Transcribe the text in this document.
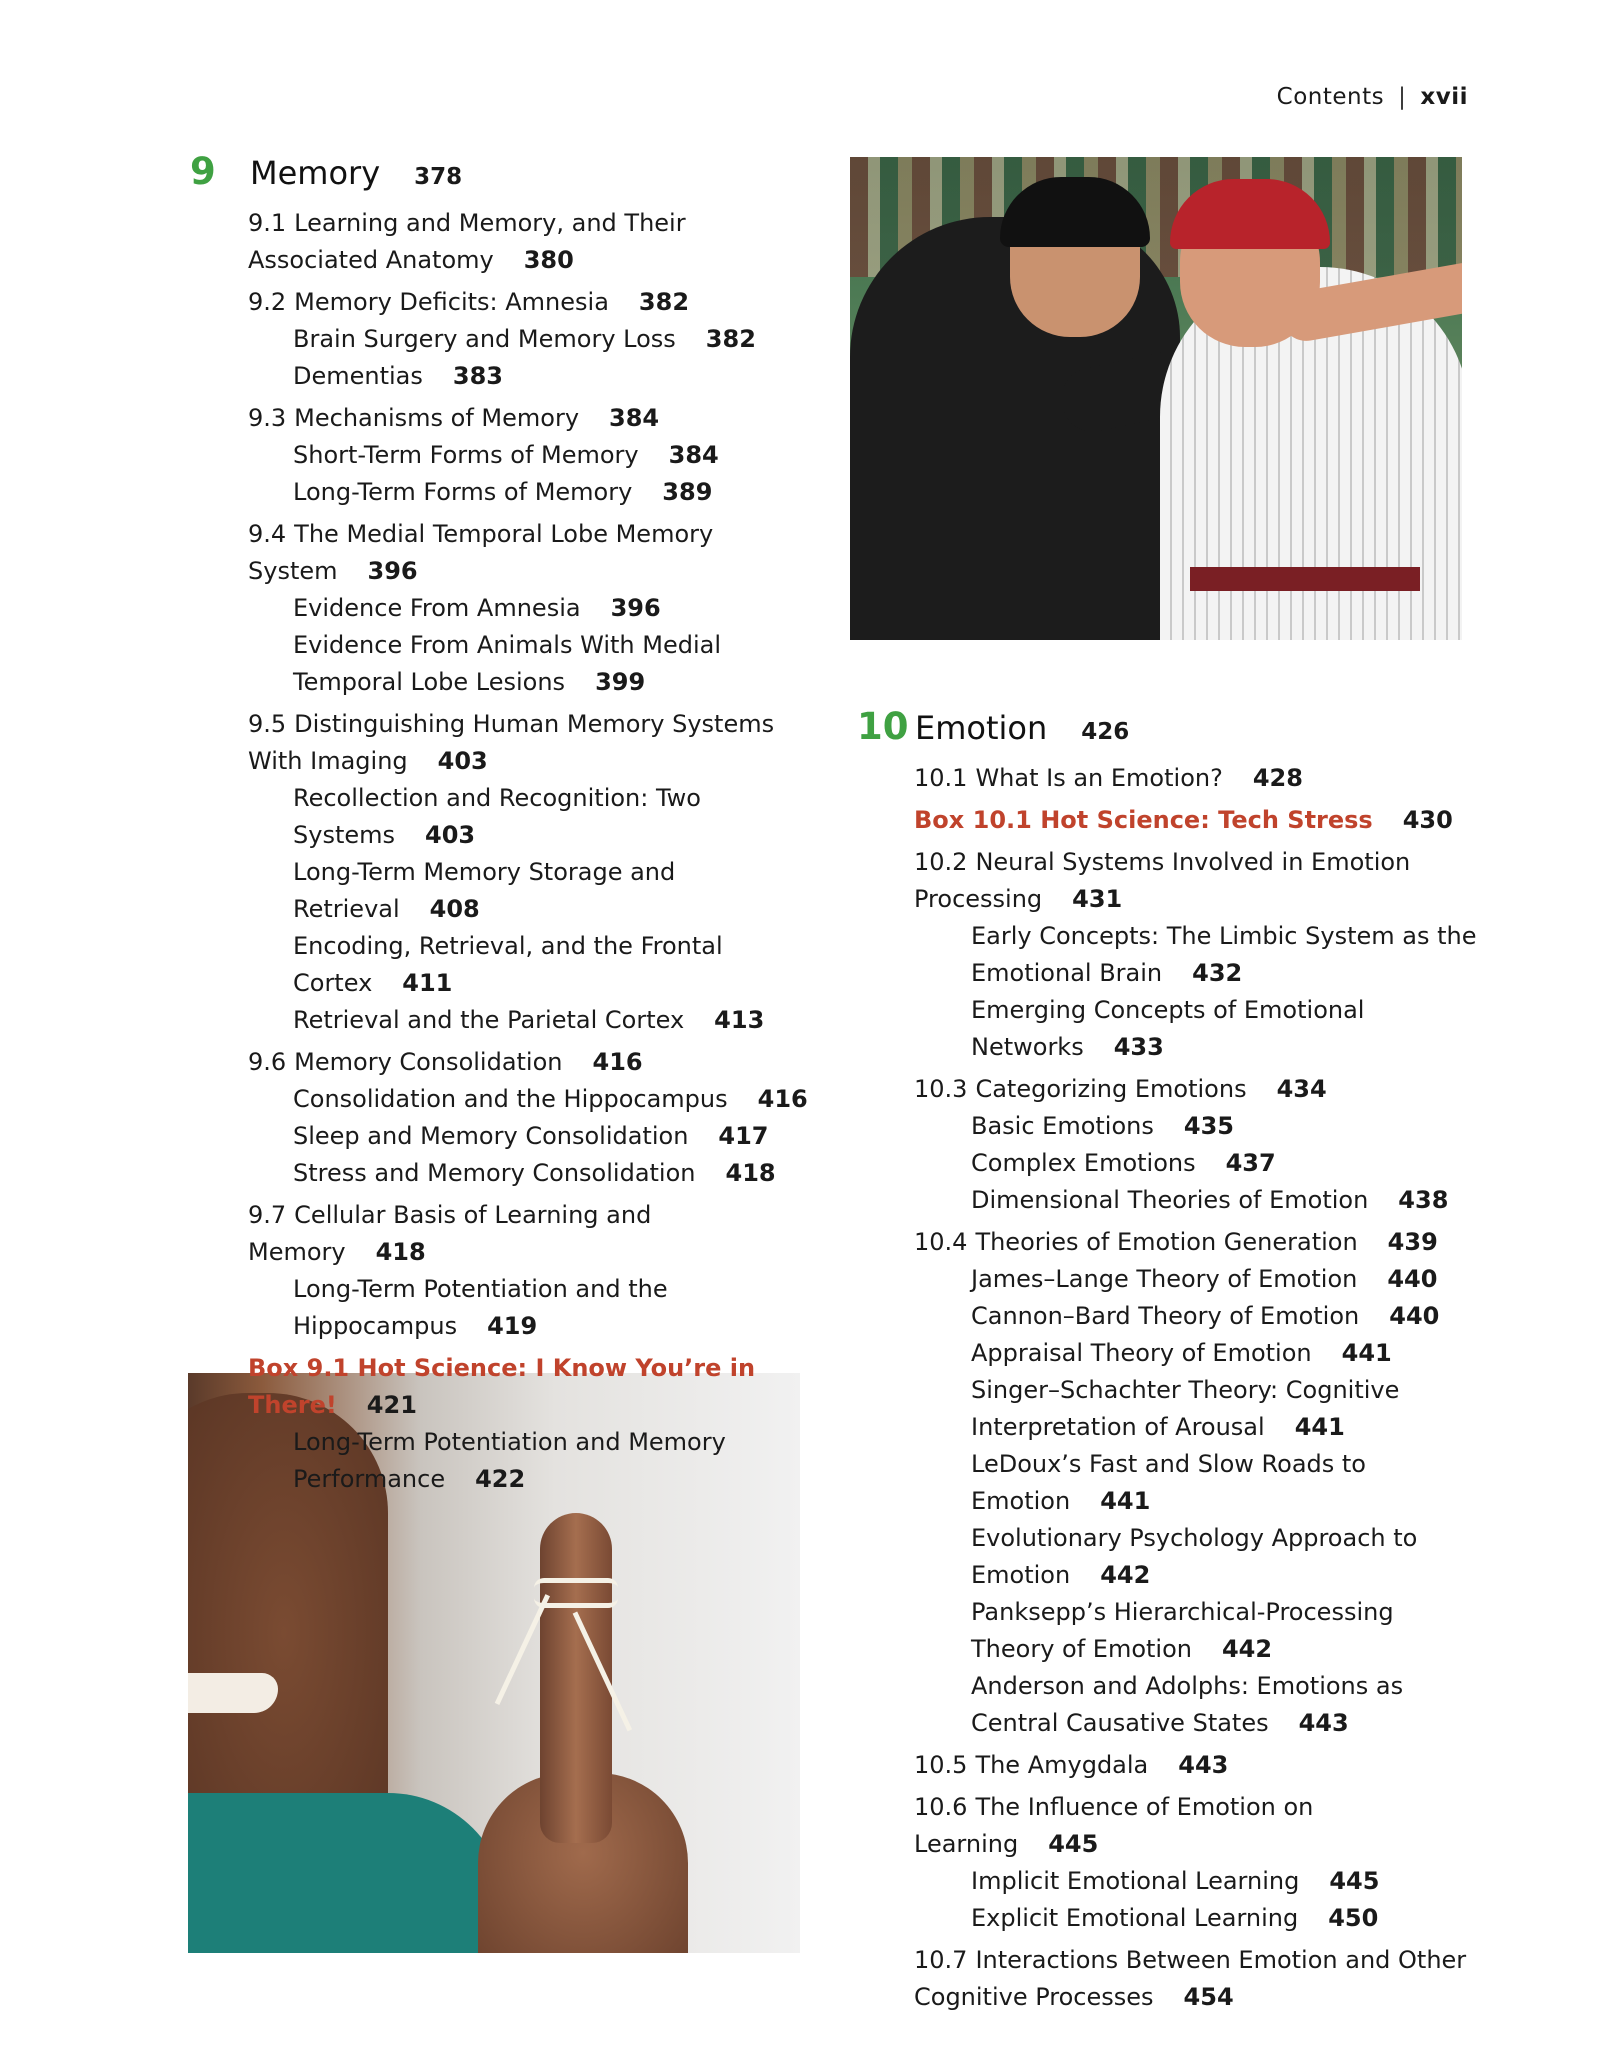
Contents | xvii
9	Memory 378
9.1 Learning and Memory, and Their Associated Anatomy 380
9.2 Memory Deficits: Amnesia 382
Brain Surgery and Memory Loss 382
Dementias 383
9.3 Mechanisms of Memory 384
Short-Term Forms of Memory 384
Long-Term Forms of Memory 389
9.4 The Medial Temporal Lobe Memory System 396
Evidence From Amnesia 396
Evidence From Animals With Medial Temporal Lobe Lesions 399
9.5 Distinguishing Human Memory Systems With Imaging 403
Recollection and Recognition: Two Systems 403
Long-Term Memory Storage and Retrieval 408
Encoding, Retrieval, and the Frontal Cortex 411
Retrieval and the Parietal Cortex 413
9.6 Memory Consolidation 416
Consolidation and the Hippocampus 416
Sleep and Memory Consolidation 417
Stress and Memory Consolidation 418
9.7 Cellular Basis of Learning and Memory 418
Long-Term Potentiation and the Hippocampus 419
Box 9.1 Hot Science: I Know You’re in There! 421
Long-Term Potentiation and Memory Performance 422
10 Emotion 426
10.1 What Is an Emotion? 428
Box 10.1 Hot Science: Tech Stress 430
10.2 Neural Systems Involved in Emotion Processing 431
Early Concepts: The Limbic System as the Emotional Brain 432
Emerging Concepts of Emotional Networks 433
10.3 Categorizing Emotions 434
Basic Emotions 435
Complex Emotions 437
Dimensional Theories of Emotion 438
10.4 Theories of Emotion Generation 439
James–Lange Theory of Emotion 440
Cannon–Bard Theory of Emotion 440
Appraisal Theory of Emotion 441
Singer–Schachter Theory: Cognitive Interpretation of Arousal 441
LeDoux’s Fast and Slow Roads to Emotion 441
Evolutionary Psychology Approach to Emotion 442
Panksepp’s Hierarchical-Processing Theory of Emotion 442
Anderson and Adolphs: Emotions as Central Causative States 443
10.5 The Amygdala 443
10.6 The Influence of Emotion on Learning 445
Implicit Emotional Learning 445
Explicit Emotional Learning 450
10.7 Interactions Between Emotion and Other Cognitive Processes 454
